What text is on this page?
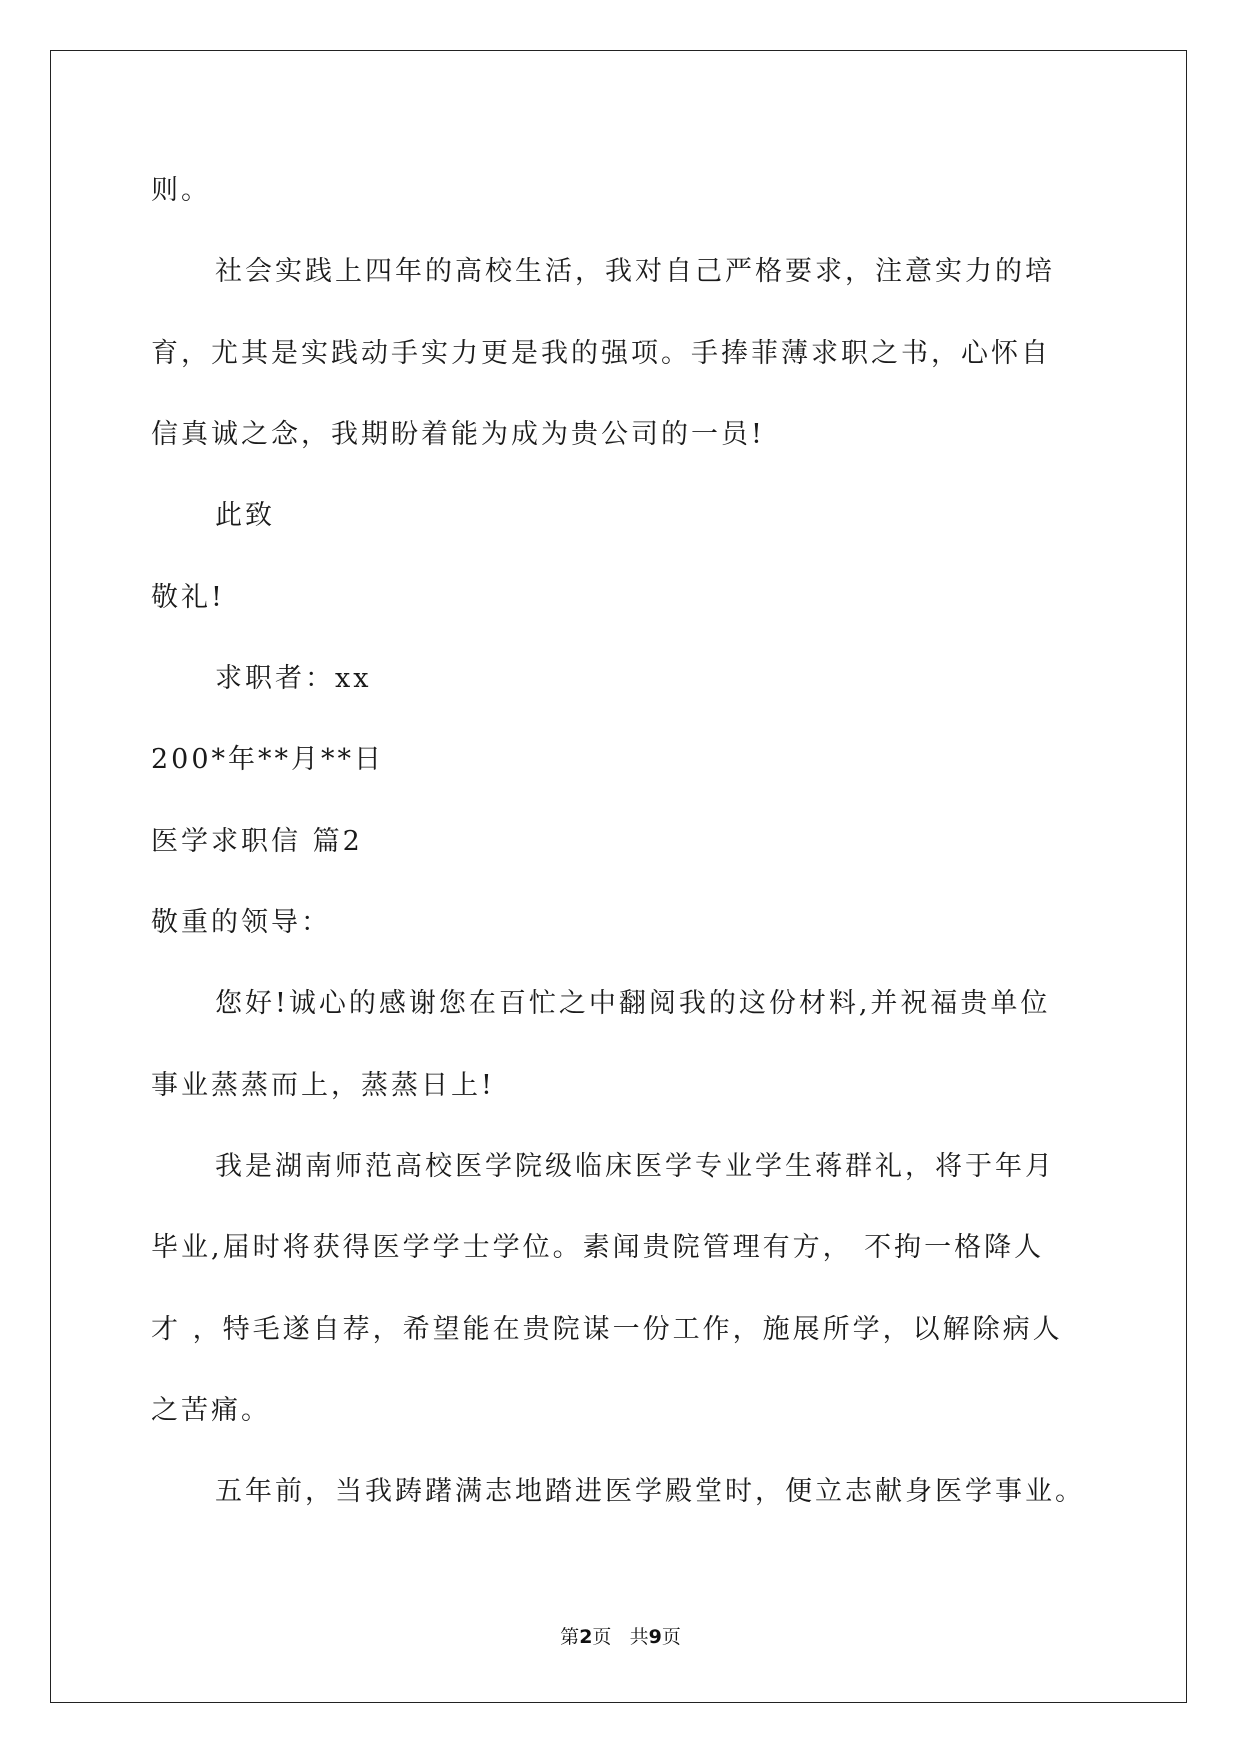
则。

社会实践上四年的高校生活，我对自己严格要求，注意实力的培

育，尤其是实践动手实力更是我的强项。手捧菲薄求职之书，心怀自

信真诚之念，我期盼着能为成为贵公司的一员!

此致

敬礼!

求职者：xx

200*年**月**日

医学求职信 篇2

敬重的领导：

您好!诚心的感谢您在百忙之中翻阅我的这份材料,并祝福贵单位

事业蒸蒸而上，蒸蒸日上!

我是湖南师范高校医学院级临床医学专业学生蒋群礼，将于年月

毕业,届时将获得医学学士学位。素闻贵院管理有方， 不拘一格降人

才 ，特毛遂自荐，希望能在贵院谋一份工作，施展所学，以解除病人

之苦痛。

五年前，当我踌躇满志地踏进医学殿堂时，便立志献身医学事业。

第2页 共9页
